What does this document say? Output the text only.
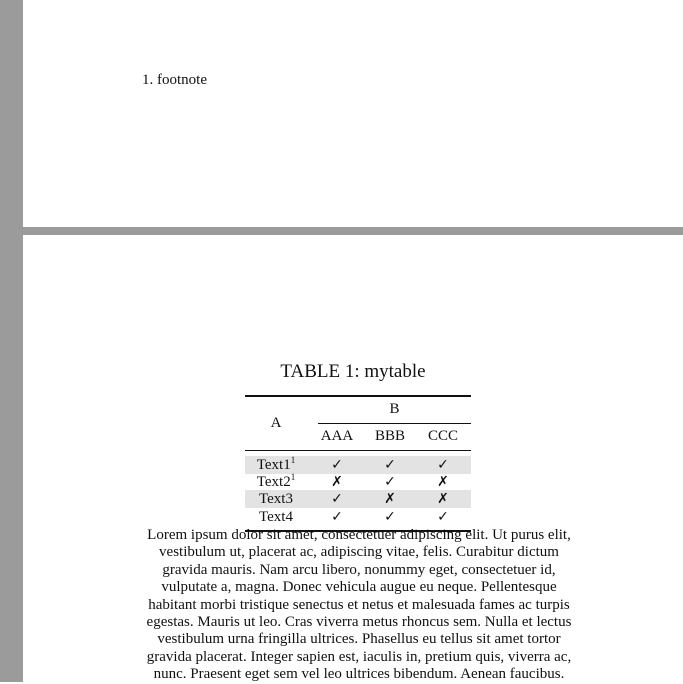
1. footnote
TABLE 1: mytable
A
B
AAA	BBB	CCC
$Text1^1$	✓	✓	✓
$Text2^1$	✗	✓	✗
Text3	✓	✗	✗
Text4	✓	✓	✓
Lorem ipsum dolor sit amet, consectetuer adipiscing elit. Ut purus elit,
vestibulum ut, placerat ac, adipiscing vitae, felis. Curabitur dictum
gravida mauris. Nam arcu libero, nonummy eget, consectetuer id,
vulputate a, magna. Donec vehicula augue eu neque. Pellentesque
habitant morbi tristique senectus et netus et malesuada fames ac turpis
egestas. Mauris ut leo. Cras viverra metus rhoncus sem. Nulla et lectus
vestibulum urna fringilla ultrices. Phasellus eu tellus sit amet tortor
gravida placerat. Integer sapien est, iaculis in, pretium quis, viverra ac,
nunc. Praesent eget sem vel leo ultrices bibendum. Aenean faucibus.
